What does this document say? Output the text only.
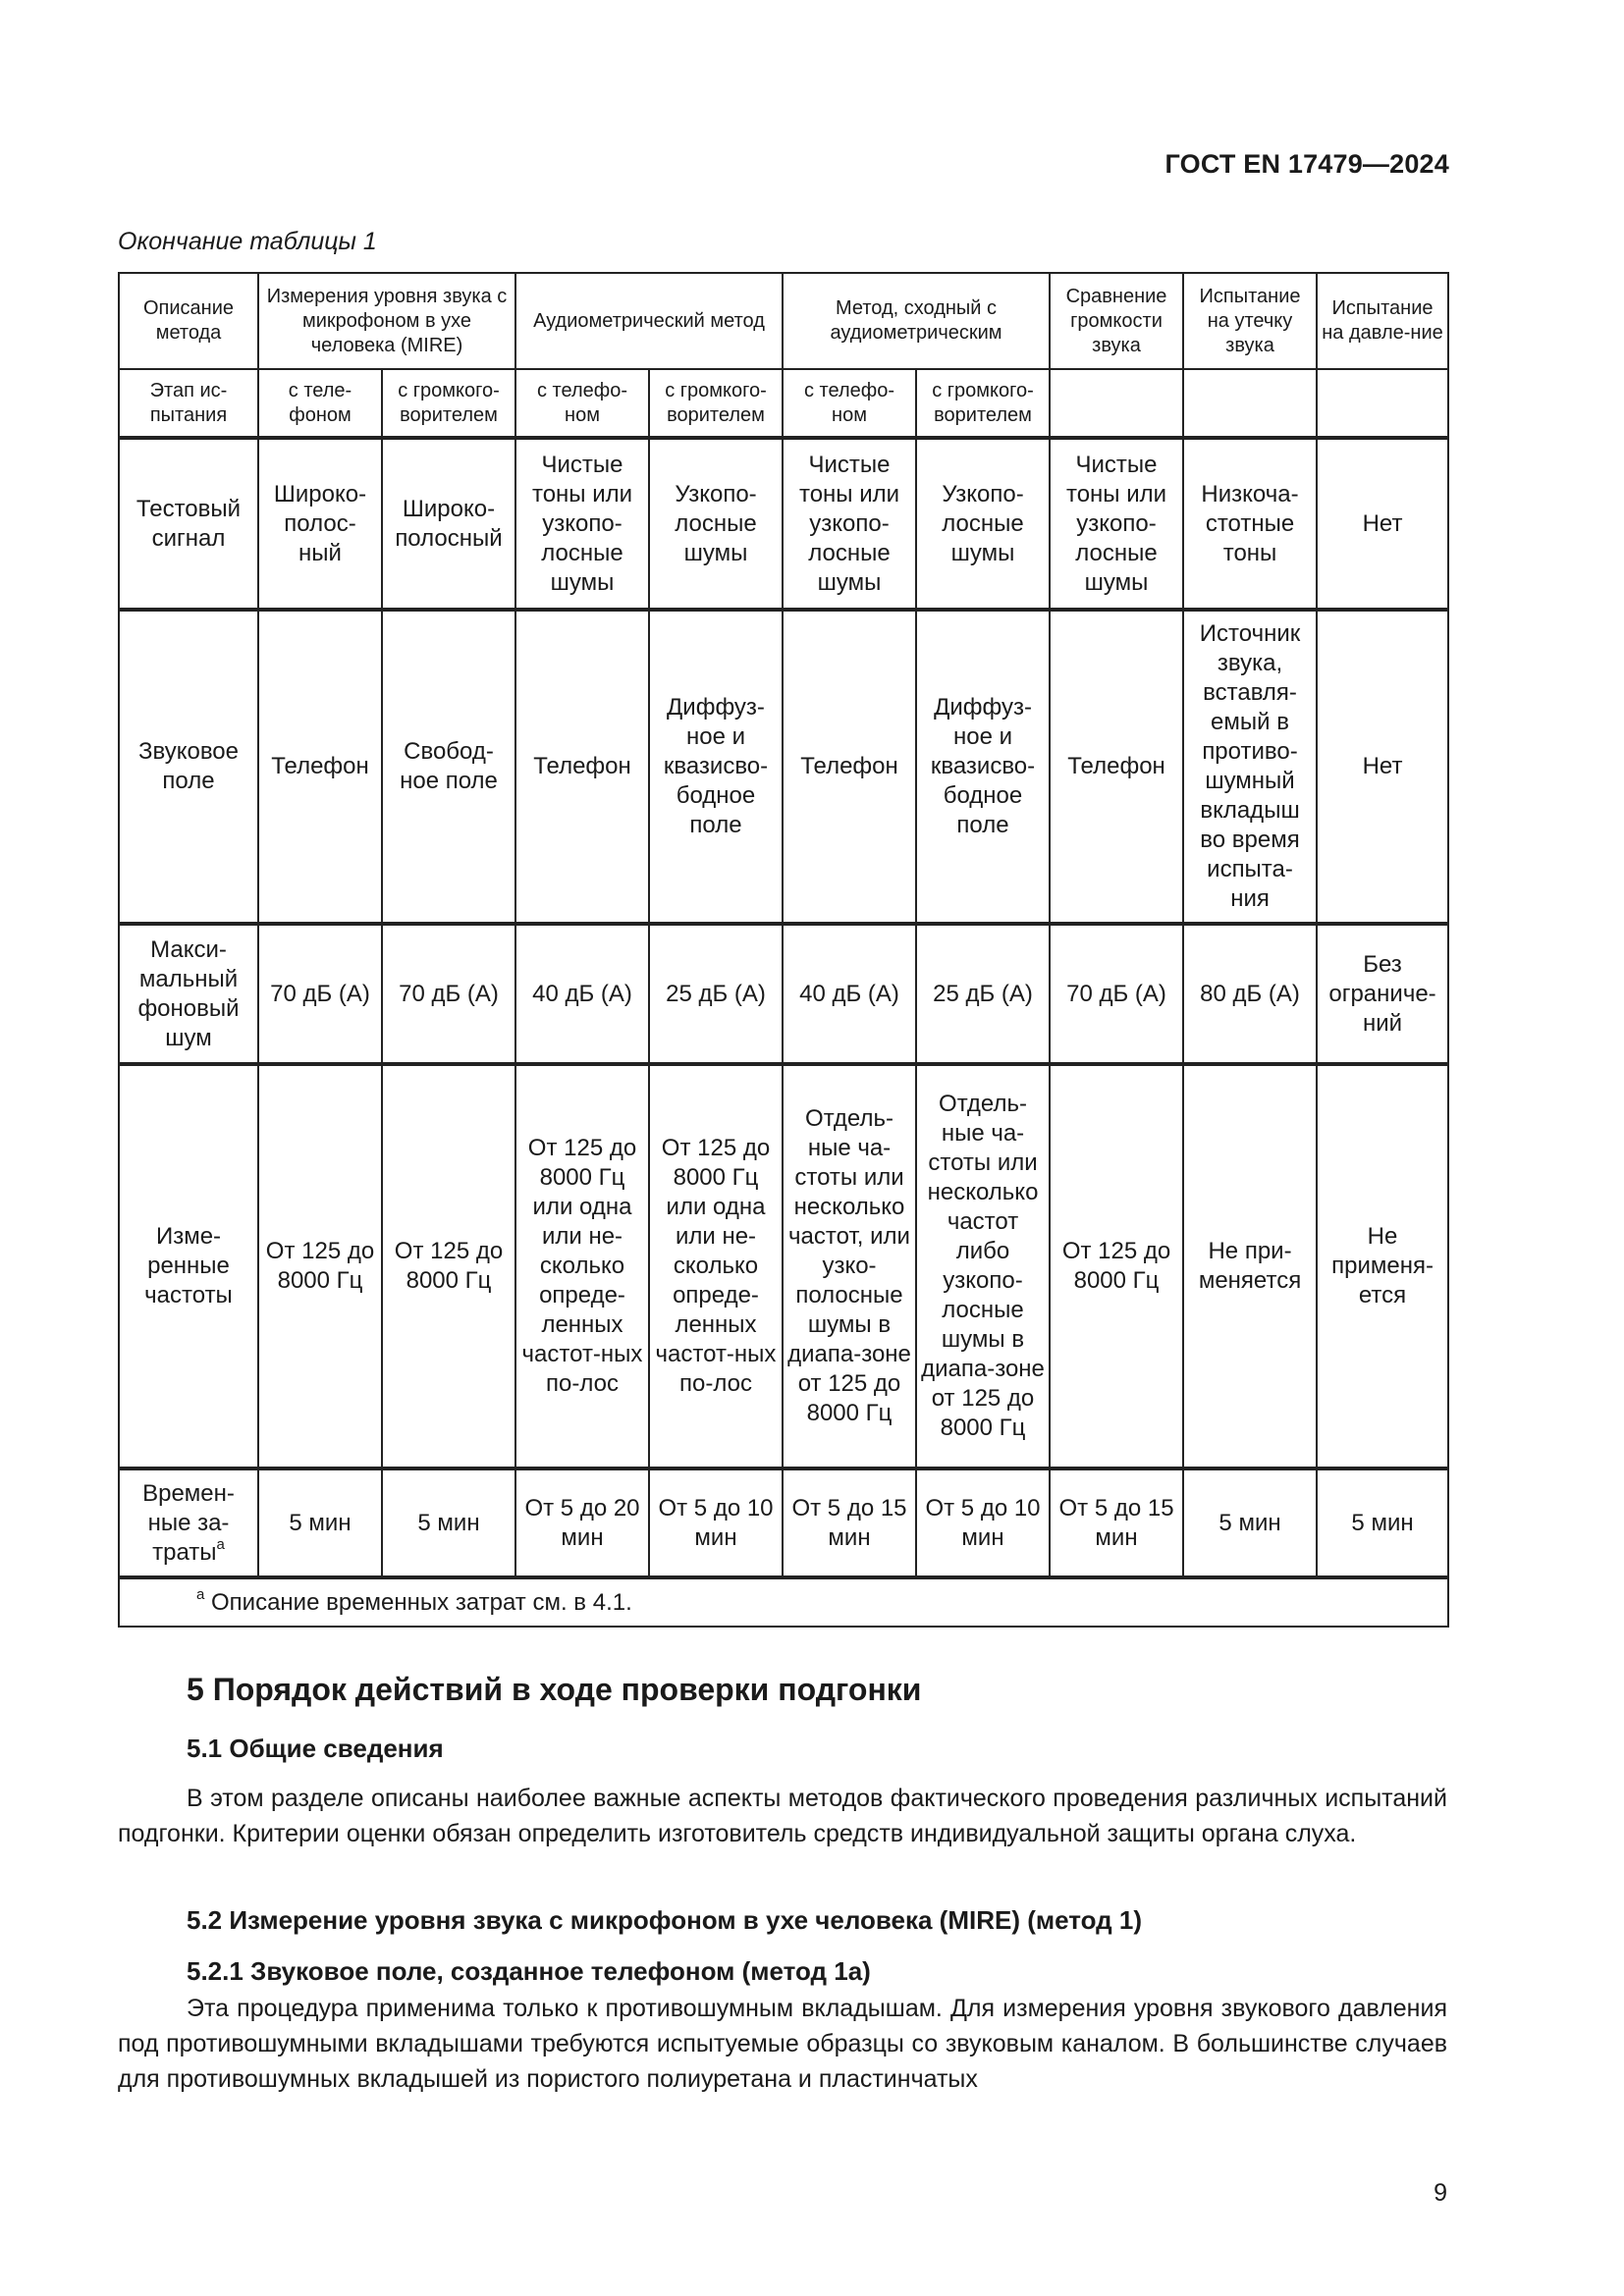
ГОСТ EN 17479—2024
Окончание таблицы 1
Описание метода	Измерения уровня звука с микрофоном в ухе человека (MIRE)		Аудиометрический метод		Метод, сходный с аудиометрическим		Сравнение громкости звука	Испытание на утечку звука	Испытание на давле-ние
Этап ис-пытания	с теле-фоном	с громкого-ворителем	с телефо-ном	с громкого-ворителем	с телефо-ном	с громкого-ворителем			
Тестовый сигнал	Широко-полос-ный	Широко-полосный	Чистые тоны или узкопо-лосные шумы	Узкопо-лосные шумы	Чистые тоны или узкопо-лосные шумы	Узкопо-лосные шумы	Чистые тоны или узкопо-лосные шумы	Низкоча-стотные тоны	Нет
Звуковое поле	Телефон	Свобод-ное поле	Телефон	Диффуз-ное и квазисво-бодное поле	Телефон	Диффуз-ное и квазисво-бодное поле	Телефон	Источник звука, вставля-емый в противо-шумный вкладыш во время испыта-ния	Нет
Макси-мальный фоновый шум	70 дБ (А)	70 дБ (А)	40 дБ (А)	25 дБ (А)	40 дБ (А)	25 дБ (А)	70 дБ (А)	80 дБ (А)	Без ограниче-ний
Изме-ренные частоты	От 125 до 8000 Гц	От 125 до 8000 Гц	От 125 до 8000 Гц или одна или не-сколько опреде-ленных частот-ных по-лос	От 125 до 8000 Гц или одна или не-сколько опреде-ленных частот-ных по-лос	Отдель-ные ча-стоты или несколько частот, или узко-полосные шумы в диапа-зоне от 125 до 8000 Гц	Отдель-ные ча-стоты или несколько частот либо узкопо-лосные шумы в диапа-зоне от 125 до 8000 Гц	От 125 до 8000 Гц	Не при-меняется	Не применя-ется
Времен-ные за-траты$^a$	5 мин	5 мин	От 5 до 20 мин	От 5 до 10 мин	От 5 до 15 мин	От 5 до 10 мин	От 5 до 15 мин	5 мин	5 мин
$^a$ Описание временных затрат см. в 4.1.									
5 Порядок действий в ходе проверки подгонки
5.1 Общие сведения
В этом разделе описаны наиболее важные аспекты методов фактического проведения различных испытаний подгонки. Критерии оценки обязан определить изготовитель средств индивидуальной защиты органа слуха.
5.2 Измерение уровня звука с микрофоном в ухе человека (MIRE) (метод 1)
5.2.1 Звуковое поле, созданное телефоном (метод 1а)
Эта процедура применима только к противошумным вкладышам. Для измерения уровня звукового давления под противошумными вкладышами требуются испытуемые образцы со звуковым каналом. В большинстве случаев для противошумных вкладышей из пористого полиуретана и пластинчатых
9
